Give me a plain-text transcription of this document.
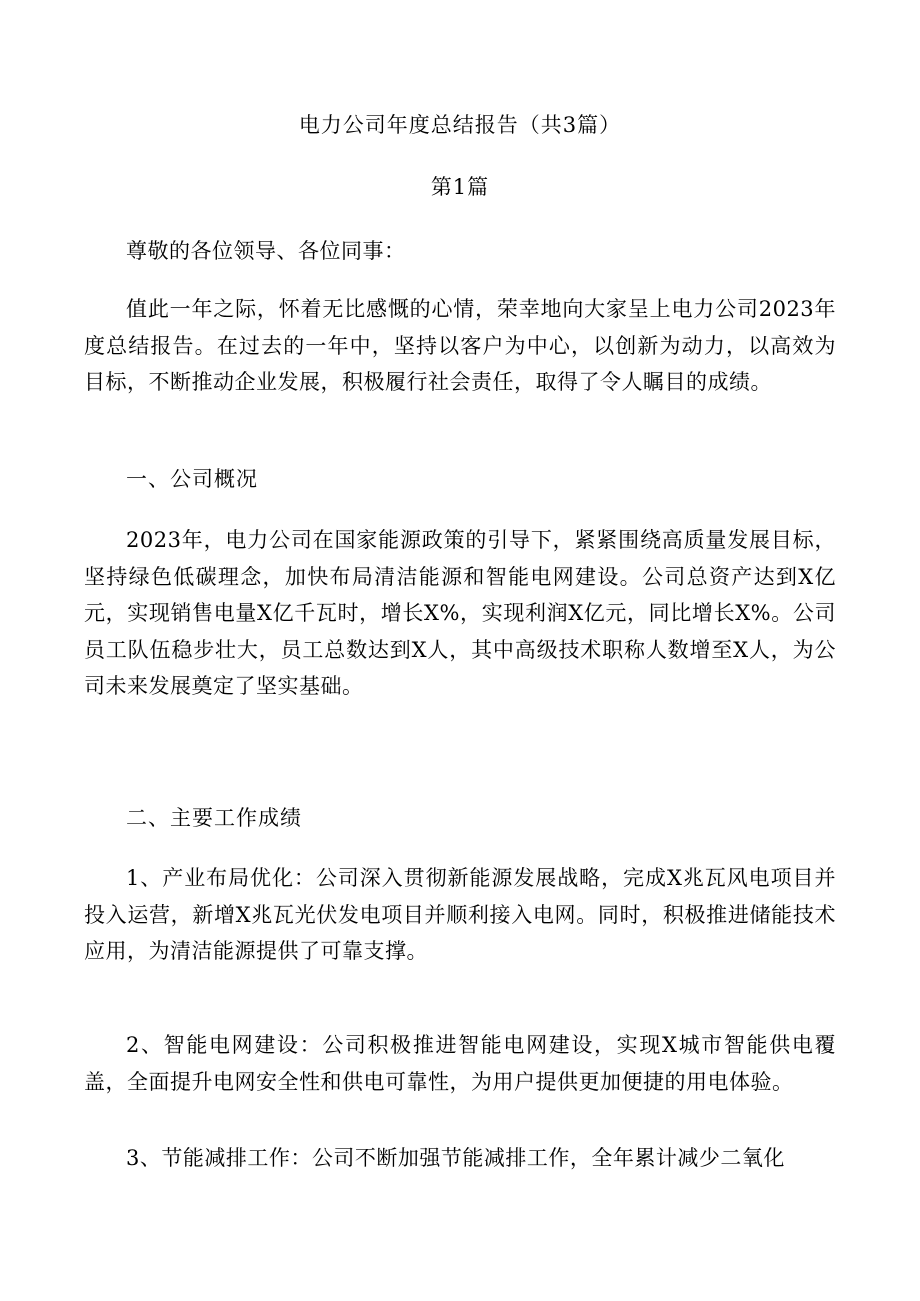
电力公司年度总结报告（共3篇）
第1篇

尊敬的各位领导、各位同事：

值此一年之际，怀着无比感慨的心情，荣幸地向大家呈上电力公司2023年度总结报告。在过去的一年中，坚持以客户为中心，以创新为动力，以高效为目标，不断推动企业发展，积极履行社会责任，取得了令人瞩目的成绩。

一、公司概况

2023年，电力公司在国家能源政策的引导下，紧紧围绕高质量发展目标，坚持绿色低碳理念，加快布局清洁能源和智能电网建设。公司总资产达到X亿元，实现销售电量X亿千瓦时，增长X%，实现利润X亿元，同比增长X%。公司员工队伍稳步壮大，员工总数达到X人，其中高级技术职称人数增至X人，为公司未来发展奠定了坚实基础。

二、主要工作成绩

1、产业布局优化：公司深入贯彻新能源发展战略，完成X兆瓦风电项目并投入运营，新增X兆瓦光伏发电项目并顺利接入电网。同时，积极推进储能技术应用，为清洁能源提供了可靠支撑。

2、智能电网建设：公司积极推进智能电网建设，实现X城市智能供电覆盖，全面提升电网安全性和供电可靠性，为用户提供更加便捷的用电体验。

3、节能减排工作：公司不断加强节能减排工作，全年累计减少二氧化
